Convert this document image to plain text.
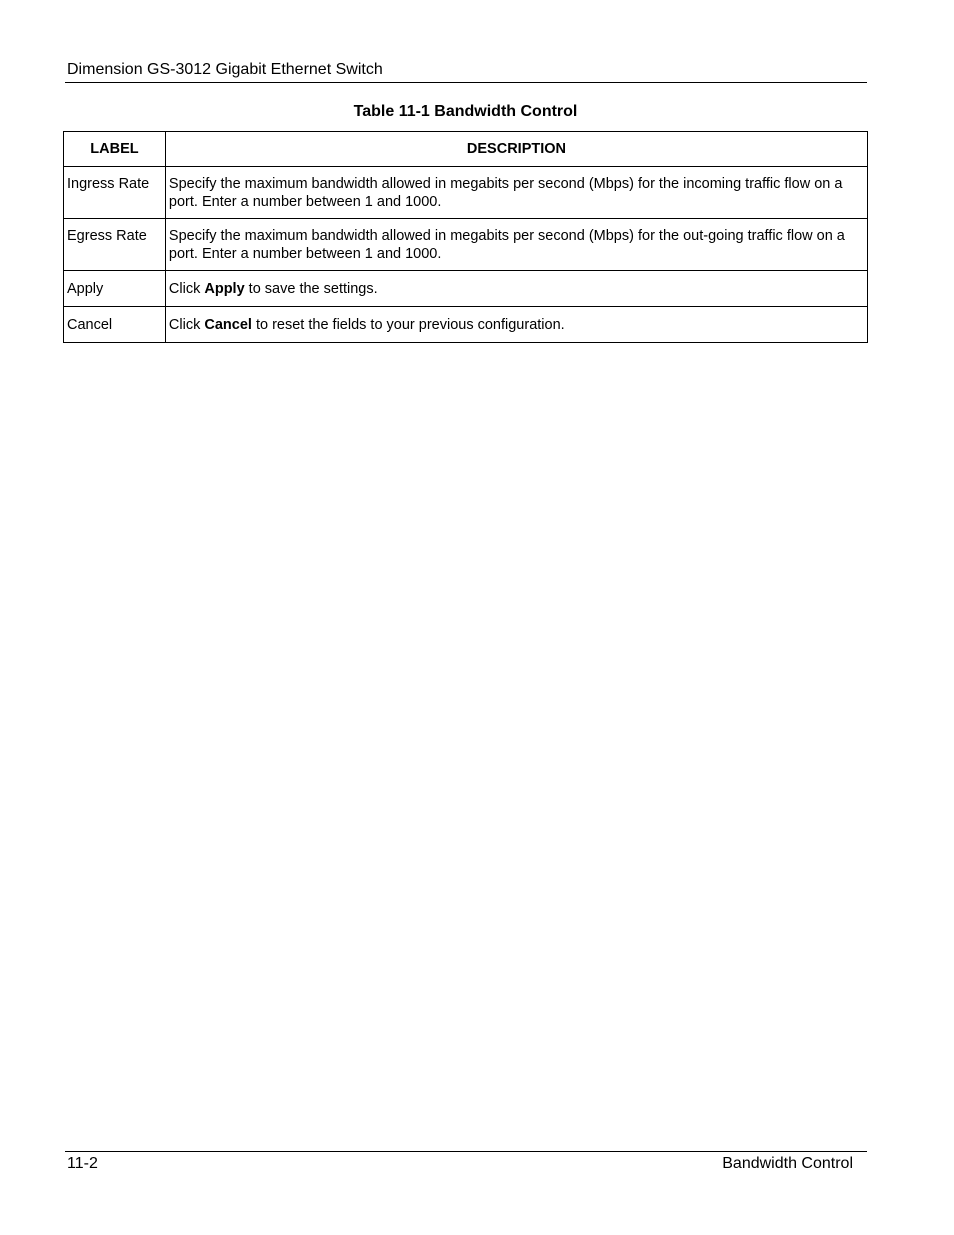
Dimension GS-3012 Gigabit Ethernet Switch
Table 11-1 Bandwidth Control
LABEL	DESCRIPTION
Ingress Rate	Specify the maximum bandwidth allowed in megabits per second (Mbps) for the incoming traffic flow on a port. Enter a number between 1 and 1000.
Egress Rate	Specify the maximum bandwidth allowed in megabits per second (Mbps) for the out-going traffic flow on a port. Enter a number between 1 and 1000.
Apply	Click Apply to save the settings.
Cancel	Click Cancel to reset the fields to your previous configuration.
11-2	Bandwidth Control
